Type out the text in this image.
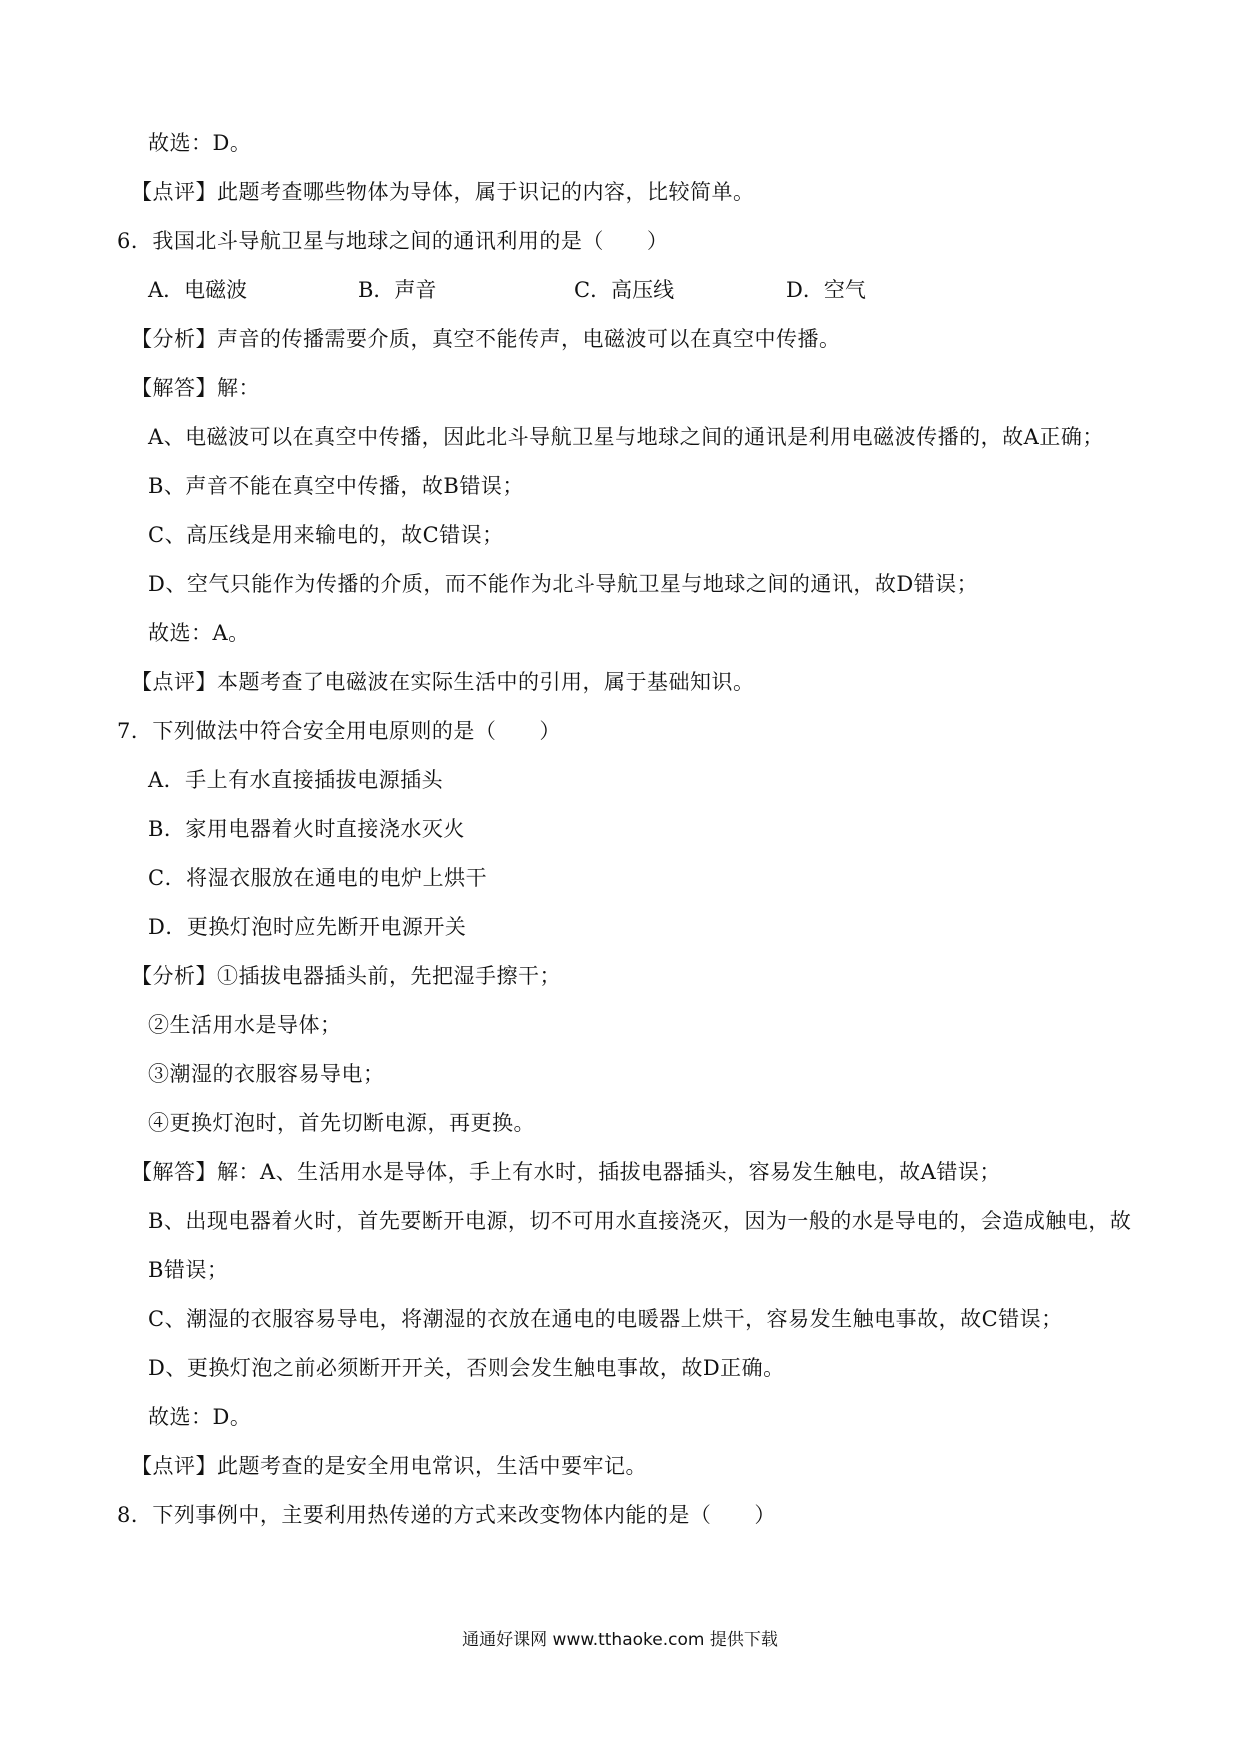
故选：D。
【点评】此题考查哪些物体为导体，属于识记的内容，比较简单。
6．我国北斗导航卫星与地球之间的通讯利用的是（　　）
A．电磁波	B．声音	C．高压线	D．空气
【分析】声音的传播需要介质，真空不能传声，电磁波可以在真空中传播。
【解答】解：
A、电磁波可以在真空中传播，因此北斗导航卫星与地球之间的通讯是利用电磁波传播的，故A正确；
B、声音不能在真空中传播，故B错误；
C、高压线是用来输电的，故C错误；
D、空气只能作为传播的介质，而不能作为北斗导航卫星与地球之间的通讯，故D错误；
故选：A。
【点评】本题考查了电磁波在实际生活中的引用，属于基础知识。
7．下列做法中符合安全用电原则的是（　　）
A．手上有水直接插拔电源插头
B．家用电器着火时直接浇水灭火
C．将湿衣服放在通电的电炉上烘干
D．更换灯泡时应先断开电源开关
【分析】①插拔电器插头前，先把湿手擦干；
②生活用水是导体；
③潮湿的衣服容易导电；
④更换灯泡时，首先切断电源，再更换。
【解答】解：A、生活用水是导体，手上有水时，插拔电器插头，容易发生触电，故A错误；
B、出现电器着火时，首先要断开电源，切不可用水直接浇灭，因为一般的水是导电的，会造成触电，故
B错误；
C、潮湿的衣服容易导电，将潮湿的衣放在通电的电暖器上烘干，容易发生触电事故，故C错误；
D、更换灯泡之前必须断开开关，否则会发生触电事故，故D正确。
故选：D。
【点评】此题考查的是安全用电常识，生活中要牢记。
8．下列事例中，主要利用热传递的方式来改变物体内能的是（　　）
通通好课网 www.tthaoke.com 提供下载
